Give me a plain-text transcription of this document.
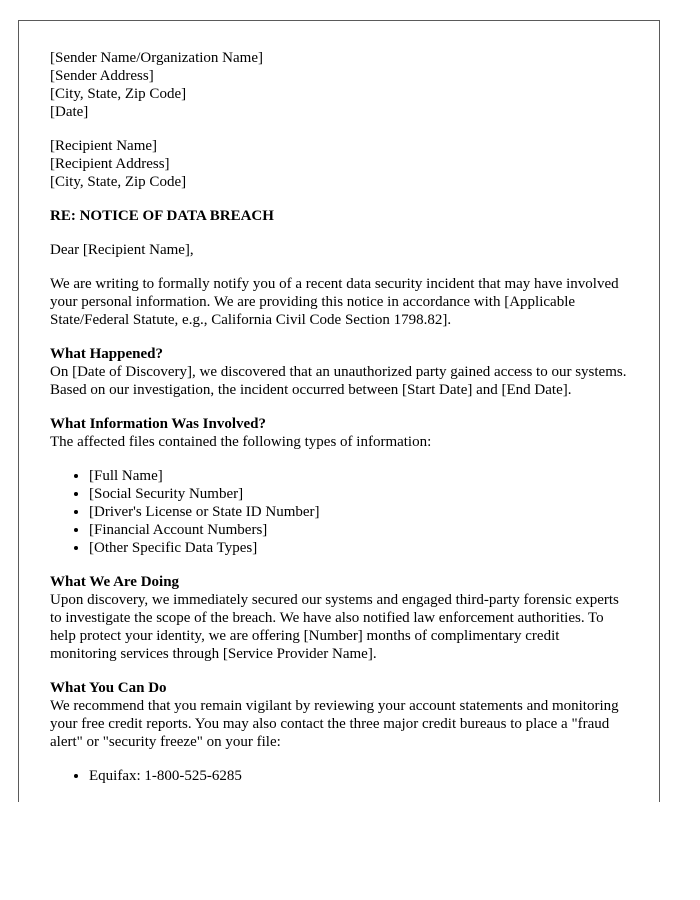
[Sender Name/Organization Name]
[Sender Address]
[City, State, Zip Code]
[Date]
[Recipient Name]
[Recipient Address]
[City, State, Zip Code]
RE: NOTICE OF DATA BREACH

Dear [Recipient Name],

We are writing to formally notify you of a recent data security incident that may have involved your personal information. We are providing this notice in accordance with [Applicable State/Federal Statute, e.g., California Civil Code Section 1798.82].

What Happened?

On [Date of Discovery], we discovered that an unauthorized party gained access to our systems. Based on our investigation, the incident occurred between [Start Date] and [End Date].

What Information Was Involved?

The affected files contained the following types of information:

• [Full Name]
• [Social Security Number]
• [Driver's License or State ID Number]
• [Financial Account Numbers]
• [Other Specific Data Types]
What We Are Doing

Upon discovery, we immediately secured our systems and engaged third-party forensic experts to investigate the scope of the breach. We have also notified law enforcement authorities. To help protect your identity, we are offering [Number] months of complimentary credit monitoring services through [Service Provider Name].

What You Can Do

We recommend that you remain vigilant by reviewing your account statements and monitoring your free credit reports. You may also contact the three major credit bureaus to place a "fraud alert" or "security freeze" on your file:

• Equifax: 1-800-525-6285
